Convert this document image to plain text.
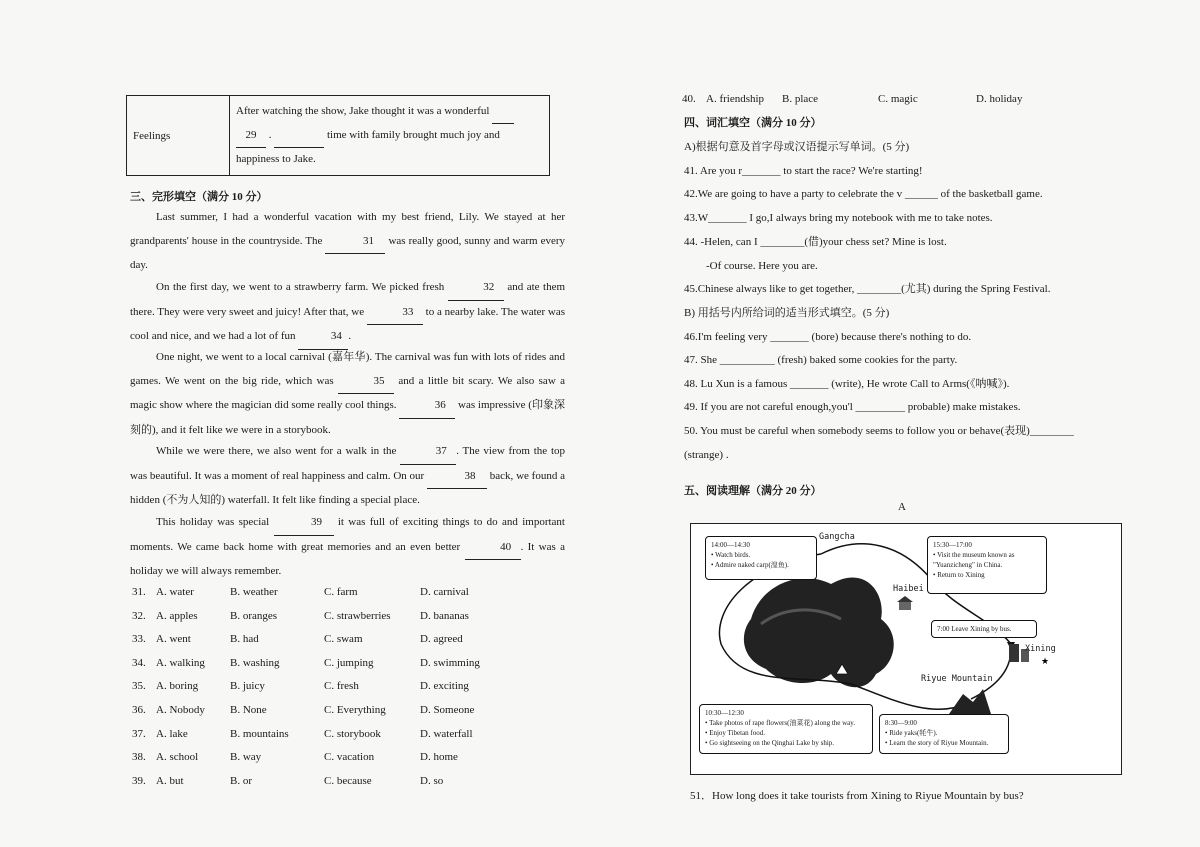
Feelings	After watching the show, Jake thought it was a wonderful
29 .	time with family brought much joy and
happiness to Jake.
三、完形填空（满分 10 分）
Last summer, I had a wonderful vacation with my best friend, Lily. We stayed at her grandparents' house in the countryside. The	31 was really good, sunny and warm every day.
On the first day, we went to a strawberry farm. We picked fresh	32 and ate them there. They were very sweet and juicy! After that, we	33 to a nearby lake. The water was cool and nice, and we had a lot of fun	34 .
One night, we went to a local carnival (嘉年华). The carnival was fun with lots of rides and games. We went on the big ride, which was	35 and a little bit scary. We also saw a magic show where the magician did some really cool things.	36 was impressive (印象深刻的), and it felt like we were in a storybook.
While we were there, we also went for a walk in the	37 . The view from the top was beautiful. It was a moment of real happiness and calm. On our	38 back, we found a hidden (不为人知的) waterfall. It felt like finding a special place.
This holiday was special	39 it was full of exciting things to do and important moments. We came back home with great memories and an even better	40 . It was a holiday we will always remember.
31. A. water	B. weather	C. farm	D. carnival
32. A. apples	B. oranges	C. strawberries	D. bananas
33. A. went	B. had	C. swam	D. agreed
34. A. walking B. washing	C. jumping	D. swimming
35. A. boring	B. juicy	C. fresh	D. exciting
36. A. Nobody B. None	C. Everything	D. Someone
37. A. lake	B. mountains	C. storybook	D. waterfall
38. A. school	B. way	C. vacation	D. home
39. A. but	B. or	C. because	D. so
40. A. friendship B. place	C. magic	D. holiday
四、词汇填空（满分 10 分）
A)根据句意及首字母或汉语提示写单词。(5 分)
41. Are you r_______ to start the race? We're starting!
42.We are going to have a party to celebrate the v ______ of the basketball game.
43.W_______ I go,I always bring my notebook with me to take notes.
44. -Helen, can I ________(借)your chess set? Mine is lost.
-Of course. Here you are.
45.Chinese always like to get together, ________(尤其) during the Spring Festival.
B) 用括号内所给词的适当形式填空。(5 分)
46.I'm feeling very _______ (bore) because there's nothing to do.
47. She __________ (fresh) baked some cookies for the party.
48. Lu Xun is a famous _______ (write), He wrote Call to Arms(《呐喊》).
49. If you are not careful enough,you'l _________ probable) make mistakes.
50. You must be careful when somebody seems to follow you or behave(表现)________
(strange) .
五、阅读理解（满分 20 分）
A
★
Gangcha
Haibei
Xining
Riyue Mountain
14:00—14:30
• Watch birds.
• Admire naked carp(湟鱼).
15:30—17:00
• Visit the museum known as
"Yuanzicheng" in China.
• Return to Xining
7:00 Leave Xining by bus.
10:30—12:30
• Take photos of rape flowers(油菜花) along the way.
• Enjoy Tibetan food.
• Go sightseeing on the Qinghai Lake by ship.
8:30—9:00
• Ride yaks(牦牛).
• Learn the story of Riyue Mountain.
51．How long does it take tourists from Xining to Riyue Mountain by bus?
